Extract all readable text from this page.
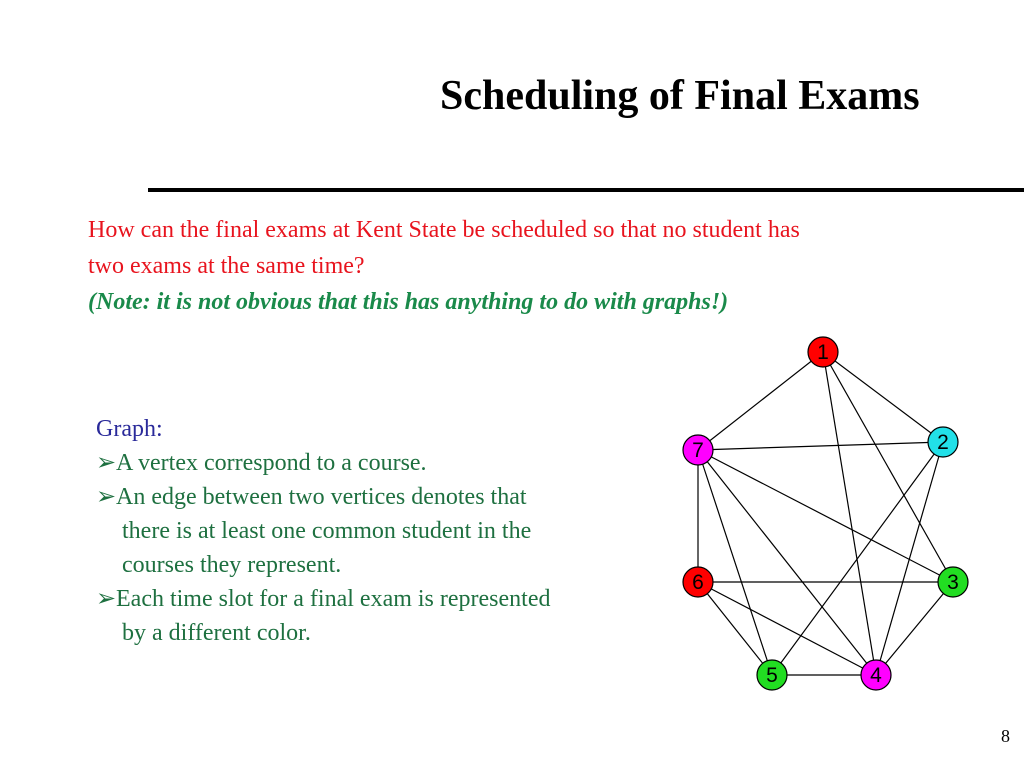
Scheduling of Final Exams
How can the final exams at Kent State be scheduled so that no student has
two exams at the same time?
(Note: it is not obvious that this has anything to do with graphs!)
Graph:
➢A vertex correspond to a course.
➢An edge between two vertices denotes that
there is at least one common student in the
courses they represent.
➢Each time slot for a final exam is represented
by a different color.
1
2
3
4
5
6
7
8
